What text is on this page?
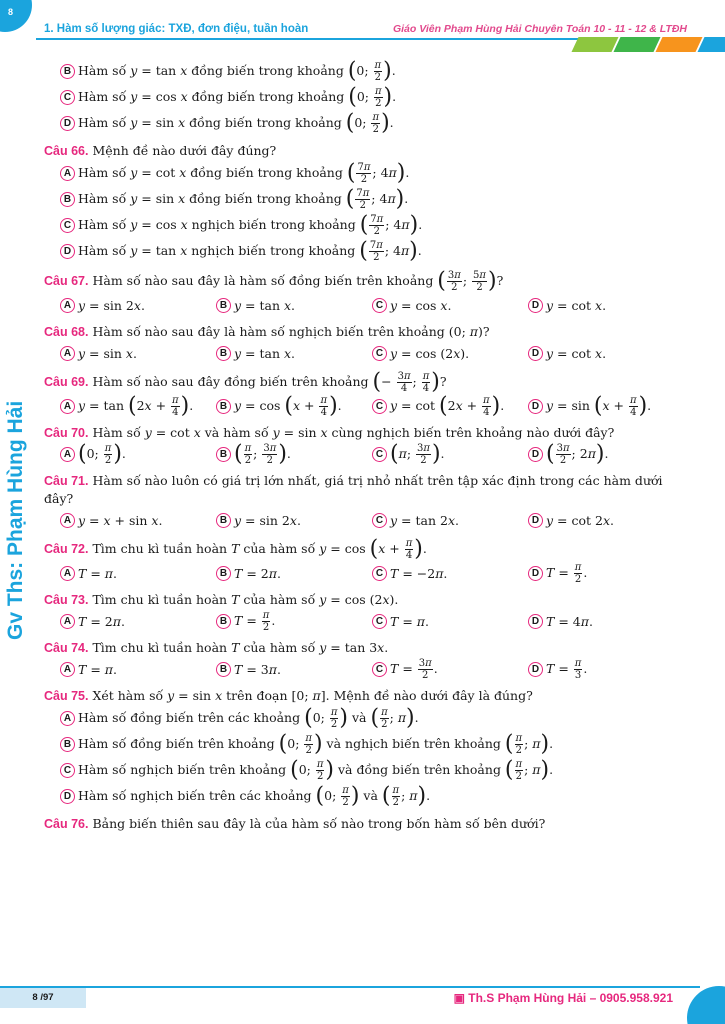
8
1. Hàm số lượng giác: TXĐ, đơn điệu, tuần hoàn	Giáo Viên Phạm Hùng Hải Chuyên Toán 10 - 11 - 12 & LTĐH
Gv Ths: Phạm Hùng Hải
B Hàm số y = tan x đồng biến trong khoảng (0; $\frac{\pi}{2}$ ).
C Hàm số y = cos x đồng biến trong khoảng (0; $\frac{\pi}{2}$ ).
D Hàm số y = sin x đồng biến trong khoảng (0; $\frac{\pi}{2}$ ).
Câu 66. Mệnh đề nào dưới đây đúng?
A Hàm số y = cot x đồng biến trong khoảng ( $\frac{7\pi}{2}$ ; 4π).
B Hàm số y = sin x đồng biến trong khoảng ( $\frac{7\pi}{2}$ ; 4π).
C Hàm số y = cos x nghịch biến trong khoảng ( $\frac{7\pi}{2}$ ; 4π).
D Hàm số y = tan x nghịch biến trong khoảng ( $\frac{7\pi}{2}$ ; 4π).
Câu 67. Hàm số nào sau đây là hàm số đồng biến trên khoảng ( $\frac{3\pi}{2}$ ; $\frac{5\pi}{2}$ )?
A y = sin 2x.	B y = tan x.	C y = cos x.	D y = cot x.
Câu 68. Hàm số nào sau đây là hàm số nghịch biến trên khoảng (0; π)?
A y = sin x.	B y = tan x.	C y = cos (2x).	D y = cot x.
Câu 69. Hàm số nào sau đây đồng biến trên khoảng (− $\frac{3\pi}{4}$ ; $\frac{\pi}{4}$ )?
A $y = \tan (2x + \frac{\pi}{4}$ ).	B $y = \cos (x + \frac{\pi}{4}$ ).	C $y = \cot (2x + \frac{\pi}{4}$ ).	D $y = \sin (x + \frac{\pi}{4}$ ).
Câu 70. Hàm số y = cot x và hàm số y = sin x cùng nghịch biến trên khoảng nào dưới đây?
A (0; $\frac{\pi}{2}$ ).	B ( $\frac{\pi}{2}$ ; $\frac{3\pi}{2}$ ).	C (π; $\frac{3\pi}{2}$ ).	D ( $\frac{3\pi}{2}$ ; 2π).
Câu 71. Hàm số nào luôn có giá trị lớn nhất, giá trị nhỏ nhất trên tập xác định trong các hàm dưới đây?
A y = x + sin x.	B y = sin 2x.	C y = tan 2x.	D y = cot 2x.
Câu 72. Tìm chu kì tuần hoàn T của hàm số $y = \cos (x + \frac{\pi}{4}$ ).
A T = π.	B T = 2π.	C T = −2π.	D $T = \frac{\pi}{2}$ .
Câu 73. Tìm chu kì tuần hoàn T của hàm số y = cos (2x).
A T = 2π.	B $T = \frac{\pi}{2}$ .	C T = π.	D T = 4π.
Câu 74. Tìm chu kì tuần hoàn T của hàm số y = tan 3x.
A T = π.	B T = 3π.	C $T = \frac{3\pi}{2}$ .	D $T = \frac{\pi}{3}$ .
Câu 75. Xét hàm số y = sin x trên đoạn [0; π]. Mệnh đề nào dưới đây là đúng?
A Hàm số đồng biến trên các khoảng (0; $\frac{\pi}{2}$ ) và ( $\frac{\pi}{2}$ ; π).
B Hàm số đồng biến trên khoảng (0; $\frac{\pi}{2}$ ) và nghịch biến trên khoảng ( $\frac{\pi}{2}$ ; π).
C Hàm số nghịch biến trên khoảng (0; $\frac{\pi}{2}$ ) và đồng biến trên khoảng ( $\frac{\pi}{2}$ ; π).
D Hàm số nghịch biến trên các khoảng (0; $\frac{\pi}{2}$ ) và ( $\frac{\pi}{2}$ ; π).
Câu 76. Bảng biến thiên sau đây là của hàm số nào trong bốn hàm số bên dưới?
8 /97	▣ Th.S Phạm Hùng Hải – 0905.958.921
